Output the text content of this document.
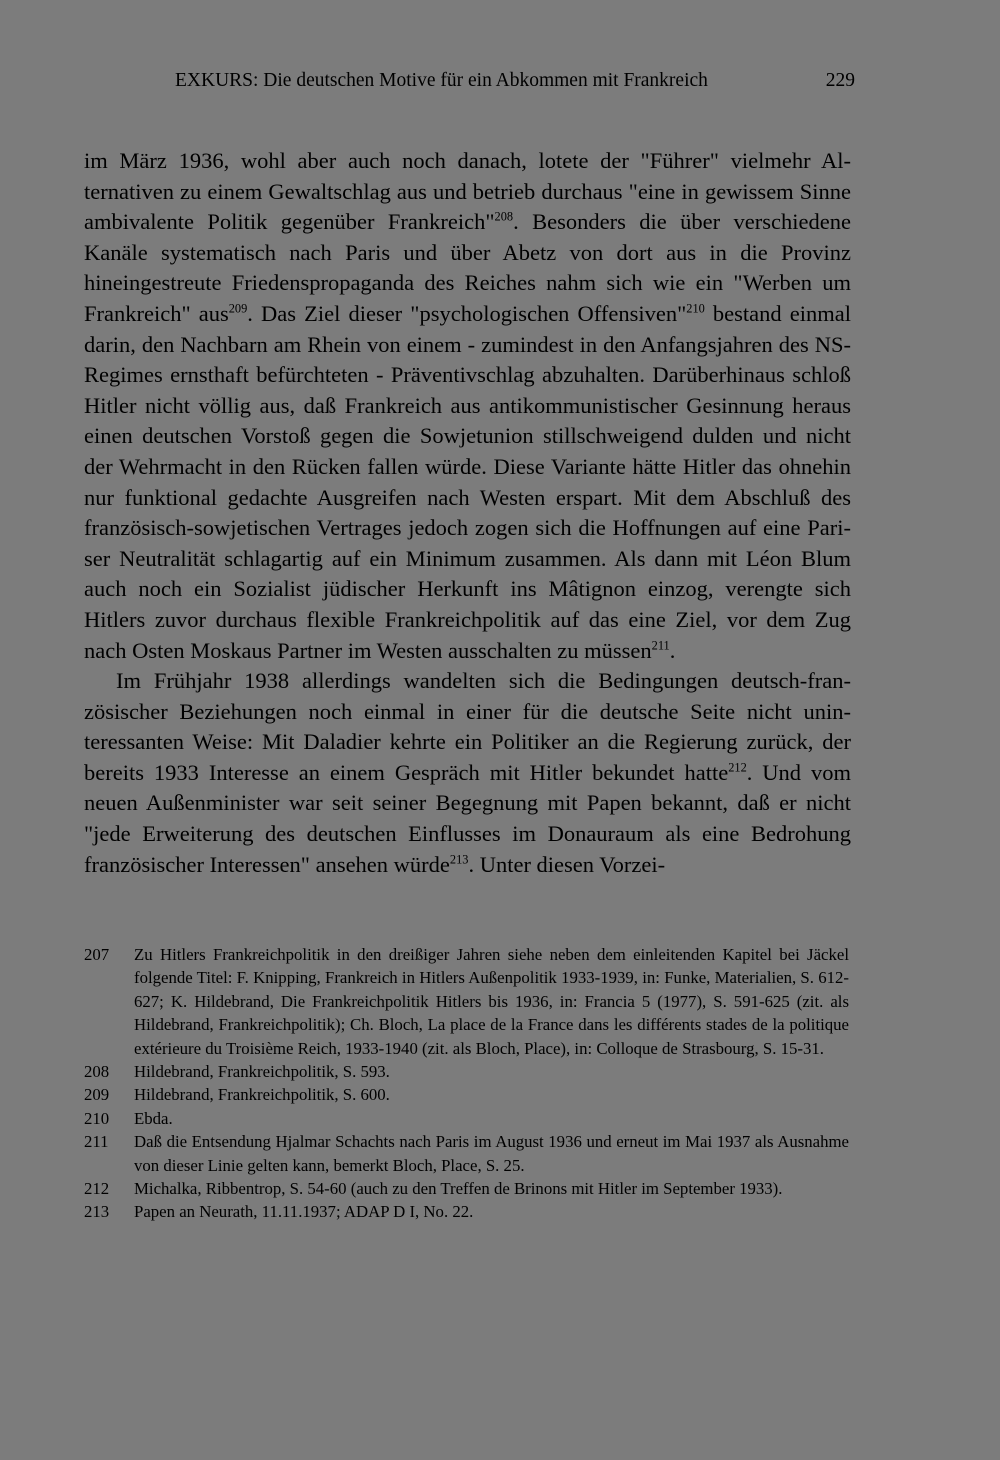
EXKURS: Die deutschen Motive für ein Abkommen mit Frankreich	229

im März 1936, wohl aber auch noch danach, lotete der "Führer" vielmehr Alternativen zu einem Gewaltschlag aus und betrieb durchaus "eine in gewissem Sinne ambivalente Politik gegenüber Frankreich"$^{208}$. Besonders die über verschiedene Kanäle systematisch nach Paris und über Abetz von dort aus in die Provinz hineingestreute Friedenspropaganda des Reiches nahm sich wie ein "Werben um Frankreich" aus$^{209}$. Das Ziel dieser "psychologischen Offensiven"$^{210}$ bestand einmal darin, den Nachbarn am Rhein von einem - zumindest in den Anfangsjahren des NS-Regimes ernsthaft befürchteten - Präventivschlag abzuhalten. Darüberhinaus schloß Hitler nicht völlig aus, daß Frankreich aus antikommunistischer Gesinnung heraus einen deutschen Vorstoß gegen die Sowjetunion stillschweigend dulden und nicht der Wehrmacht in den Rücken fallen würde. Diese Variante hätte Hitler das ohnehin nur funktional gedachte Ausgreifen nach Westen erspart. Mit dem Abschluß des französisch-sowjetischen Vertrages jedoch zogen sich die Hoffnungen auf eine Pariser Neutralität schlagartig auf ein Minimum zusammen. Als dann mit Léon Blum auch noch ein Sozialist jüdischer Herkunft ins Mâtignon einzog, verengte sich Hitlers zuvor durchaus flexible Frankreichpolitik auf das eine Ziel, vor dem Zug nach Osten Moskaus Partner im Westen ausschalten zu müssen$^{211}$.

Im Frühjahr 1938 allerdings wandelten sich die Bedingungen deutsch-französischer Beziehungen noch einmal in einer für die deutsche Seite nicht uninteressanten Weise: Mit Daladier kehrte ein Politiker an die Regierung zurück, der bereits 1933 Interesse an einem Gespräch mit Hitler bekundet hatte$^{212}$. Und vom neuen Außenminister war seit seiner Begegnung mit Papen bekannt, daß er nicht "jede Erweiterung des deutschen Einflusses im Donauraum als eine Bedrohung französischer Interessen" ansehen würde$^{213}$. Unter diesen Vorzei-

207	Zu Hitlers Frankreichpolitik in den dreißiger Jahren siehe neben dem einleitenden Kapitel bei Jäckel folgende Titel: F. Knipping, Frankreich in Hitlers Außenpolitik 1933-1939, in: Funke, Materialien, S. 612-627; K. Hildebrand, Die Frankreichpolitik Hitlers bis 1936, in: Francia 5 (1977), S. 591-625 (zit. als Hildebrand, Frankreichpolitik); Ch. Bloch, La place de la France dans les différents stades de la politique extérieure du Troisième Reich, 1933-1940 (zit. als Bloch, Place), in: Colloque de Strasbourg, S. 15-31.
208	Hildebrand, Frankreichpolitik, S. 593.
209	Hildebrand, Frankreichpolitik, S. 600.
210	Ebda.
211	Daß die Entsendung Hjalmar Schachts nach Paris im August 1936 und erneut im Mai 1937 als Ausnahme von dieser Linie gelten kann, bemerkt Bloch, Place, S. 25.
212	Michalka, Ribbentrop, S. 54-60 (auch zu den Treffen de Brinons mit Hitler im September 1933).
213	Papen an Neurath, 11.11.1937; ADAP D I, No. 22.
